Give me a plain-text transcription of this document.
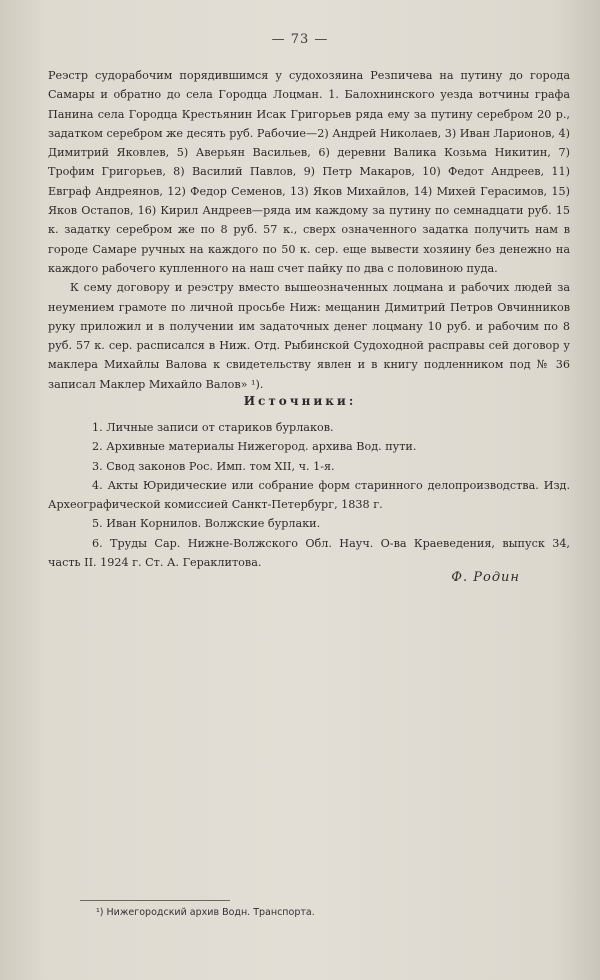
— 73 —

Реэстр судорабочим порядившимся у судохозяина Резпичева на путину до города Самары и обратно до села Городца Лоцман. 1. Балохнинского уезда вотчины графа Панина села Городца Крестьянин Исак Григорьев ряда ему за путину серебром 20 р., задатком серебром же десять руб. Рабочие—2) Андрей Николаев, 3) Иван Ларионов, 4) Димитрий Яковлев, 5) Аверьян Васильев, 6) деревни Валика Козьма Никитин, 7) Трофим Григорьев, 8) Василий Павлов, 9) Петр Макаров, 10) Федот Андреев, 11) Евграф Андреянов, 12) Федор Семенов, 13) Яков Михайлов, 14) Михей Герасимов, 15) Яков Остапов, 16) Кирил Андреев—ряда им каждому за путину по семнадцати руб. 15 к. задатку серебром же по 8 руб. 57 к., сверх означенного задатка получить нам в городе Самаре ручных на каждого по 50 к. сер. еще вывести хозяину без денежно на каждого рабочего купленного на наш счет пайку по два с половиною пуда.

К сему договору и реэстру вместо вышеозначенных лоцмана и рабочих людей за неумением грамоте по личной просьбе Ниж: мещанин Димитрий Петров Овчинников руку приложил и в получении им задаточных денег лоцману 10 руб. и рабочим по 8 руб. 57 к. сер. расписался в Ниж. Отд. Рыбинской Судоходной расправы сей договор у маклера Михайлы Валова к свидетельству явлен и в книгу подленником под № 36 записал Маклер Михайло Валов» ¹).

Источники:
1. Личные записи от стариков бурлаков.
2. Архивные материалы Нижегород. архива Вод. пути.
3. Свод законов Рос. Имп. том XII, ч. 1-я.
4. Акты Юридические или собрание форм старинного делопроизводства. Изд. Археографической комиссией Санкт-Петербург, 1838 г.
5. Иван Корнилов. Волжские бурлаки.
6. Труды Сар. Нижне-Волжского Обл. Науч. О-ва Краеведения, выпуск 34, часть II. 1924 г. Ст. А. Гераклитова.
Ф. Родин
¹) Нижегородский архив Водн. Транспорта.
